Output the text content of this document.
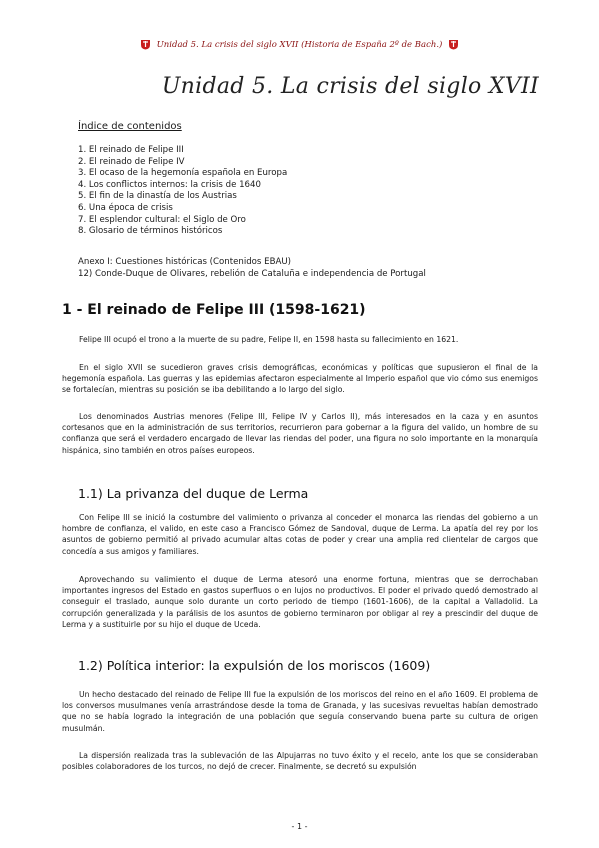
Unidad 5. La crisis del siglo XVII (Historia de España 2º de Bach.)
Unidad 5. La crisis del siglo XVII
Índice de contenidos
1. El reinado de Felipe III
2. El reinado de Felipe IV
3. El ocaso de la hegemonía española en Europa
4. Los conflictos internos: la crisis de 1640
5. El fin de la dinastía de los Austrias
6. Una época de crisis
7. El esplendor cultural: el Siglo de Oro
8. Glosario de términos históricos
Anexo I: Cuestiones históricas (Contenidos EBAU)
12) Conde-Duque de Olivares, rebelión de Cataluña e independencia de Portugal
1 - El reinado de Felipe III (1598-1621)

Felipe III ocupó el trono a la muerte de su padre, Felipe II, en 1598 hasta su fallecimiento en 1621.

En el siglo XVII se sucedieron graves crisis demográficas, económicas y políticas que supusieron el final de la hegemonía española. Las guerras y las epidemias afectaron especialmente al Imperio español que vio cómo sus enemigos se fortalecían, mientras su posición se iba debilitando a lo largo del siglo.

Los denominados Austrias menores (Felipe III, Felipe IV y Carlos II), más interesados en la caza y en asuntos cortesanos que en la administración de sus territorios, recurrieron para gobernar a la figura del valido, un hombre de su confianza que será el verdadero encargado de llevar las riendas del poder, una figura no solo importante en la monarquía hispánica, sino también en otros países europeos.

1.1) La privanza del duque de Lerma

Con Felipe III se inició la costumbre del valimiento o privanza al conceder el monarca las riendas del gobierno a un hombre de confianza, el valido, en este caso a Francisco Gómez de Sandoval, duque de Lerma. La apatía del rey por los asuntos de gobierno permitió al privado acumular altas cotas de poder y crear una amplia red clientelar de cargos que concedía a sus amigos y familiares.

Aprovechando su valimiento el duque de Lerma atesoró una enorme fortuna, mientras que se derrochaban importantes ingresos del Estado en gastos superfluos o en lujos no productivos. El poder el privado quedó demostrado al conseguir el traslado, aunque solo durante un corto periodo de tiempo (1601-1606), de la capital a Valladolid. La corrupción generalizada y la parálisis de los asuntos de gobierno terminaron por obligar al rey a prescindir del duque de Lerma y a sustituirle por su hijo el duque de Uceda.

1.2) Política interior: la expulsión de los moriscos (1609)

Un hecho destacado del reinado de Felipe III fue la expulsión de los moriscos del reino en el año 1609. El problema de los conversos musulmanes venía arrastrándose desde la toma de Granada, y las sucesivas revueltas habían demostrado que no se había logrado la integración de una población que seguía conservando buena parte su cultura de origen musulmán.

La dispersión realizada tras la sublevación de las Alpujarras no tuvo éxito y el recelo, ante los que se consideraban posibles colaboradores de los turcos, no dejó de crecer. Finalmente, se decretó su expulsión

- 1 -
